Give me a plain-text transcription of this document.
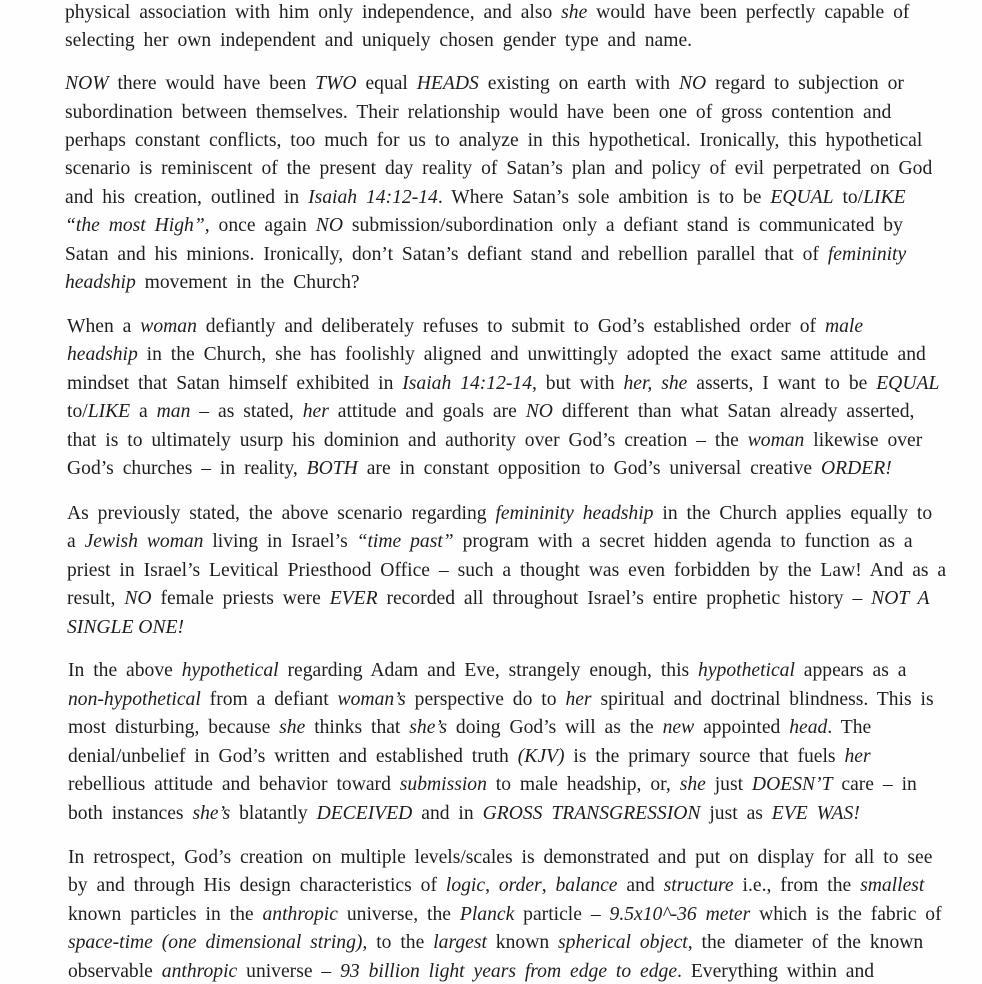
physical association with him only independence, and also she would have been perfectly capable of
selecting her own independent and uniquely chosen gender type and name.
NOW there would have been TWO equal HEADS existing on earth with NO regard to subjection or
subordination between themselves. Their relationship would have been one of gross contention and
perhaps constant conflicts, too much for us to analyze in this hypothetical. Ironically, this hypothetical
scenario is reminiscent of the present day reality of Satan’s plan and policy of evil perpetrated on God
and his creation, outlined in Isaiah 14:12-14. Where Satan’s sole ambition is to be EQUAL to/LIKE
“the most High”, once again NO submission/subordination only a defiant stand is communicated by
Satan and his minions. Ironically, don’t Satan’s defiant stand and rebellion parallel that of femininity
headship movement in the Church?
When a woman defiantly and deliberately refuses to submit to God’s established order of male
headship in the Church, she has foolishly aligned and unwittingly adopted the exact same attitude and
mindset that Satan himself exhibited in Isaiah 14:12-14, but with her, she asserts, I want to be EQUAL
to/LIKE a man – as stated, her attitude and goals are NO different than what Satan already asserted,
that is to ultimately usurp his dominion and authority over God’s creation – the woman likewise over
God’s churches – in reality, BOTH are in constant opposition to God’s universal creative ORDER!
As previously stated, the above scenario regarding femininity headship in the Church applies equally to
a Jewish woman living in Israel’s “time past” program with a secret hidden agenda to function as a
priest in Israel’s Levitical Priesthood Office – such a thought was even forbidden by the Law! And as a
result, NO female priests were EVER recorded all throughout Israel’s entire prophetic history – NOT A
SINGLE ONE!
In the above hypothetical regarding Adam and Eve, strangely enough, this hypothetical appears as a
non-hypothetical from a defiant woman’s perspective do to her spiritual and doctrinal blindness. This is
most disturbing, because she thinks that she’s doing God’s will as the new appointed head. The
denial/unbelief in God’s written and established truth (KJV) is the primary source that fuels her
rebellious attitude and behavior toward submission to male headship, or, she just DOESN’T care – in
both instances she’s blatantly DECEIVED and in GROSS TRANSGRESSION just as EVE WAS!
In retrospect, God’s creation on multiple levels/scales is demonstrated and put on display for all to see
by and through His design characteristics of logic, order, balance and structure i.e., from the smallest
known particles in the anthropic universe, the Planck particle – 9.5x10^-36 meter which is the fabric of
space-time (one dimensional string), to the largest known spherical object, the diameter of the known
observable anthropic universe – 93 billion light years from edge to edge. Everything within and
